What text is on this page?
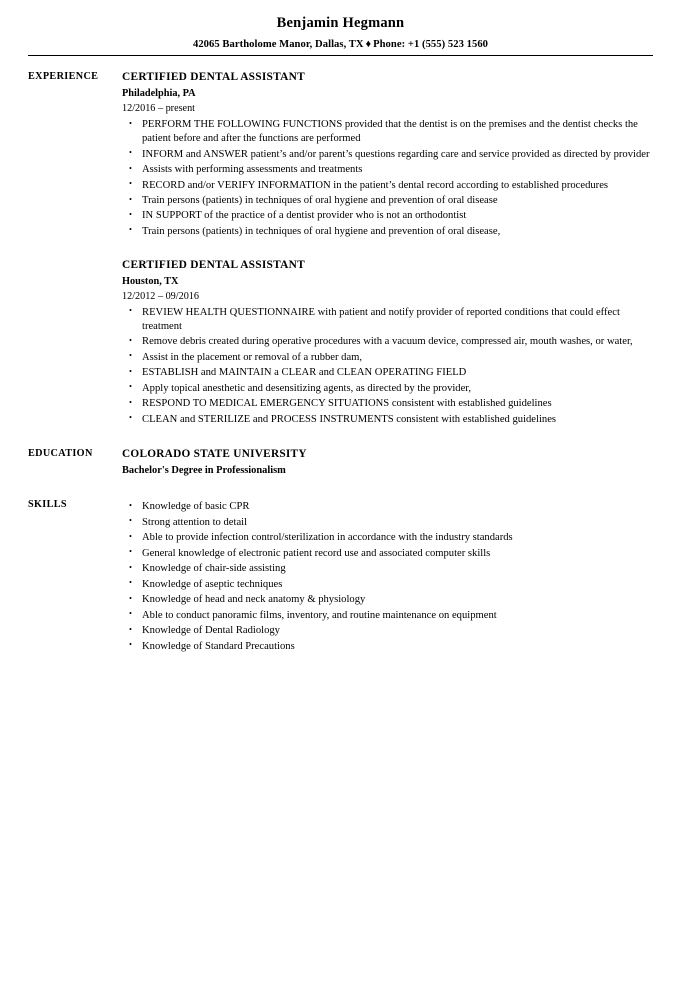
Benjamin Hegmann
42065 Bartholome Manor, Dallas, TX ♦ Phone: +1 (555) 523 1560
EXPERIENCE	CERTIFIED DENTAL ASSISTANT
Philadelphia, PA
12/2016 – present
• PERFORM THE FOLLOWING FUNCTIONS provided that the dentist is on the premises and the dentist checks the patient before and after the functions are performed
• INFORM and ANSWER patient’s and/or parent’s questions regarding care and service provided as directed by provider
• Assists with performing assessments and treatments
• RECORD and/or VERIFY INFORMATION in the patient’s dental record according to established procedures
• Train persons (patients) in techniques of oral hygiene and prevention of oral disease
• IN SUPPORT of the practice of a dentist provider who is not an orthodontist
• Train persons (patients) in techniques of oral hygiene and prevention of oral disease,
CERTIFIED DENTAL ASSISTANT
Houston, TX
12/2012 – 09/2016
• REVIEW HEALTH QUESTIONNAIRE with patient and notify provider of reported conditions that could effect treatment
• Remove debris created during operative procedures with a vacuum device, compressed air, mouth washes, or water,
• Assist in the placement or removal of a rubber dam,
• ESTABLISH and MAINTAIN a CLEAR and CLEAN OPERATING FIELD
• Apply topical anesthetic and desensitizing agents, as directed by the provider,
• RESPOND TO MEDICAL EMERGENCY SITUATIONS consistent with established guidelines
• CLEAN and STERILIZE and PROCESS INSTRUMENTS consistent with established guidelines
EDUCATION	COLORADO STATE UNIVERSITY
Bachelor's Degree in Professionalism
SKILLS	• Knowledge of basic CPR
• Strong attention to detail
• Able to provide infection control/sterilization in accordance with the industry standards
• General knowledge of electronic patient record use and associated computer skills
• Knowledge of chair-side assisting
• Knowledge of aseptic techniques
• Knowledge of head and neck anatomy & physiology
• Able to conduct panoramic films, inventory, and routine maintenance on equipment
• Knowledge of Dental Radiology
• Knowledge of Standard Precautions
